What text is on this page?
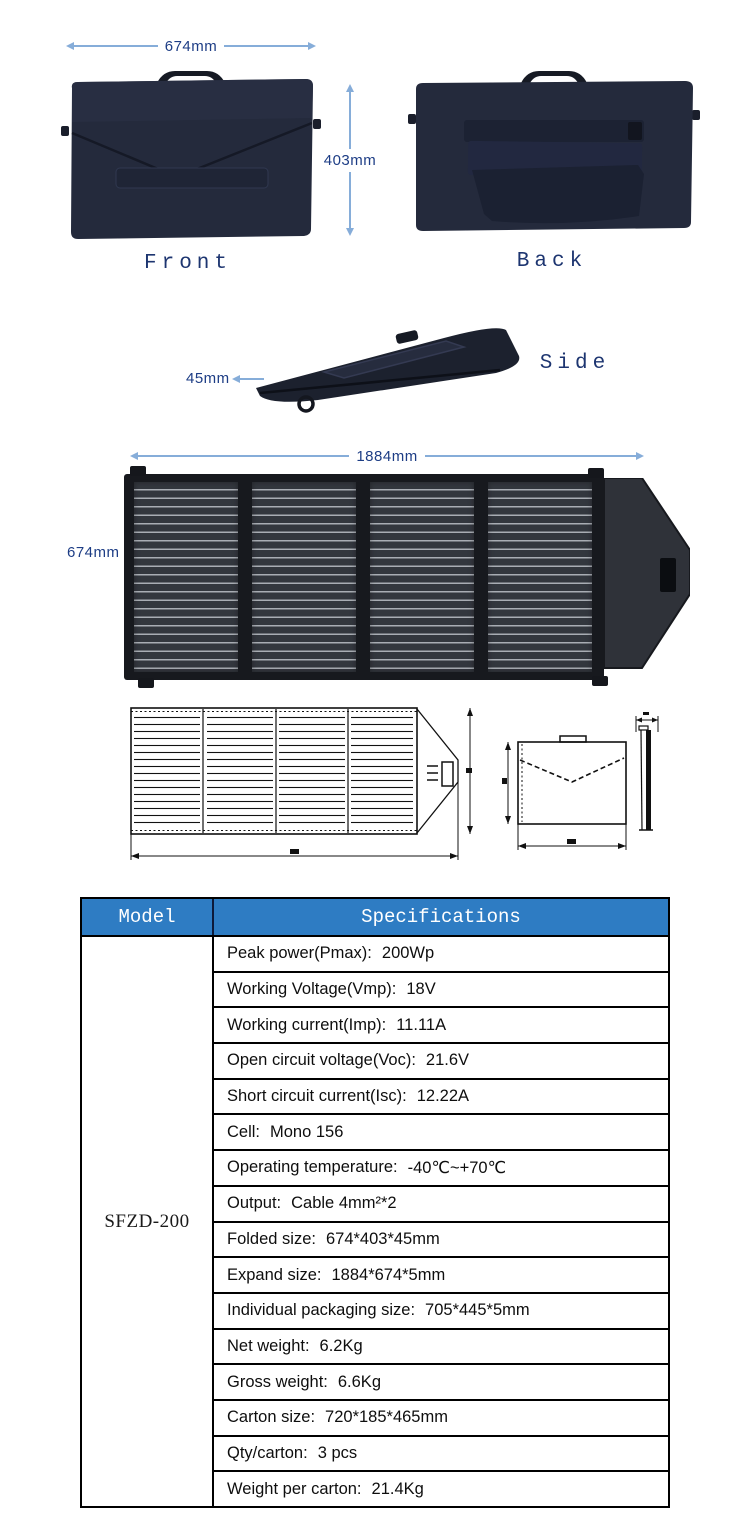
674mm
403mm
Front	Back
45mm
Side
1884mm
674mm
Model	Specifications
SFZD-200
Peak power(Pmax): 200Wp
Working Voltage(Vmp): 18V
Working current(Imp): 11.11A
Open circuit voltage(Voc): 21.6V
Short circuit current(Isc): 12.22A
Cell: Mono 156
Operating temperature: -40℃~+70℃
Output: Cable 4mm²*2
Folded size: 674*403*45mm
Expand size: 1884*674*5mm
Individual packaging size: 705*445*5mm
Net weight: 6.2Kg
Gross weight: 6.6Kg
Carton size: 720*185*465mm
Qty/carton: 3 pcs
Weight per carton: 21.4Kg
